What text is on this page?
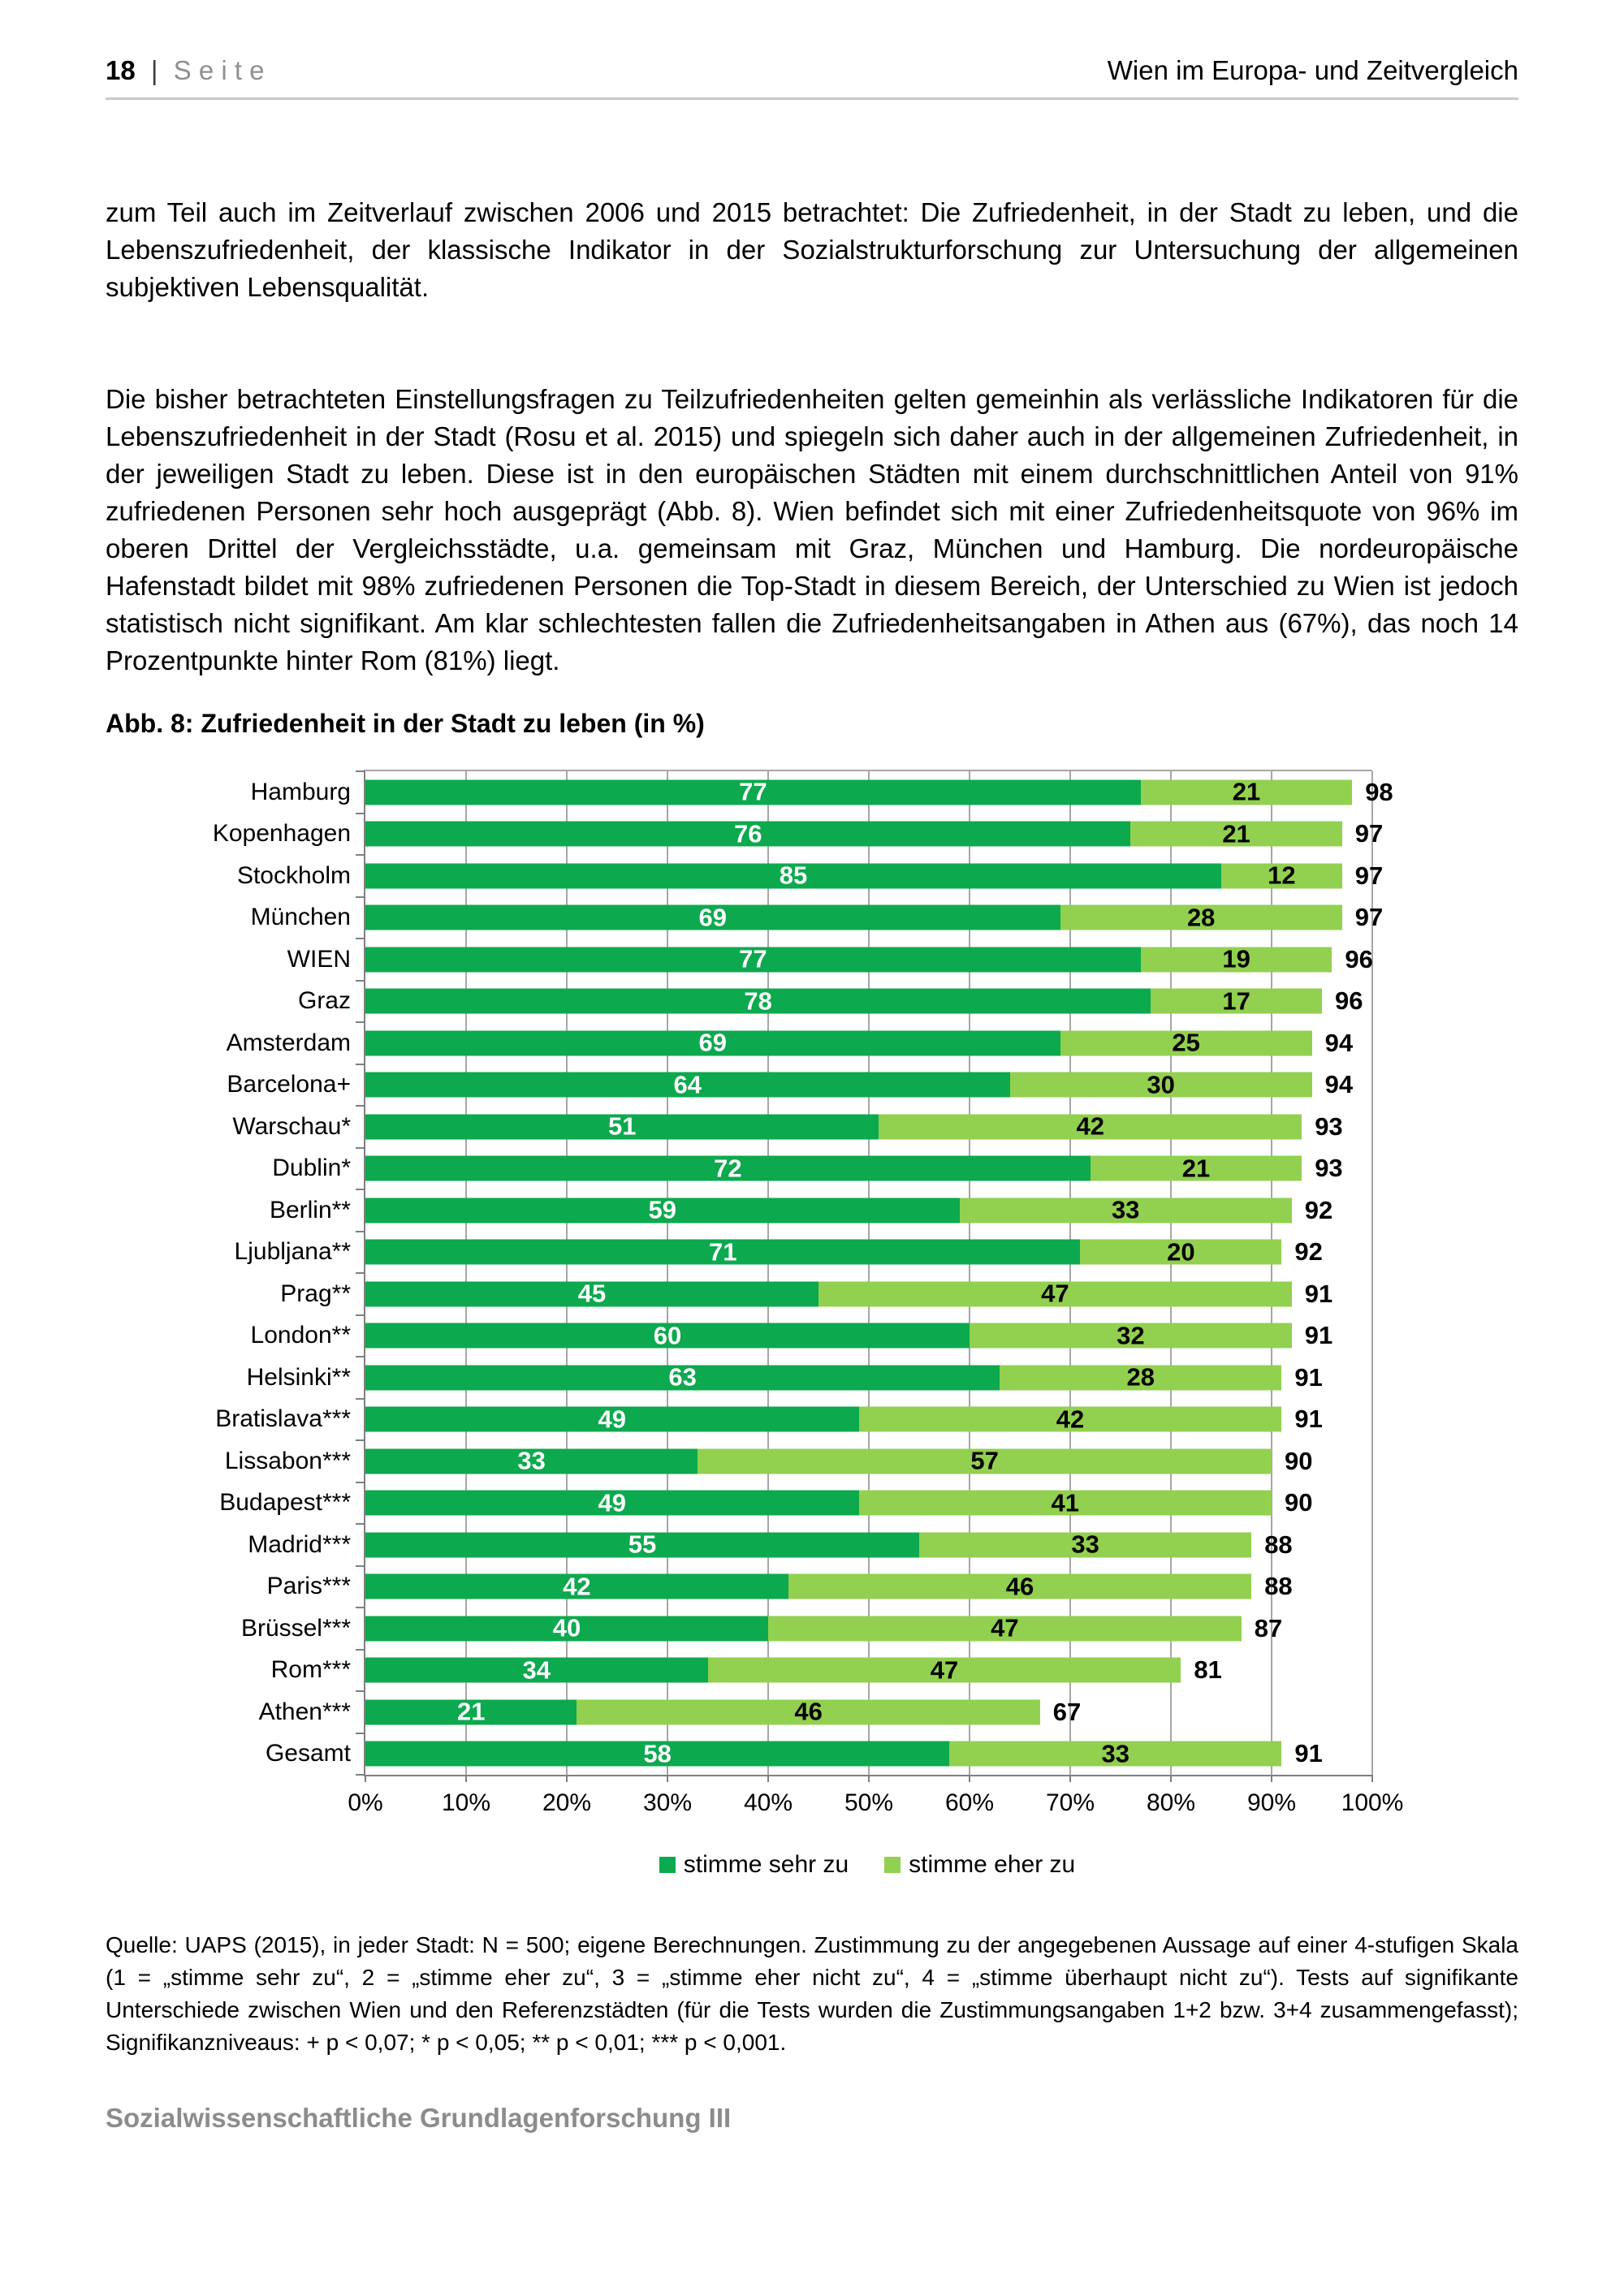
18 | S e i t e	Wien im Europa- und Zeitvergleich

zum Teil auch im Zeitverlauf zwischen 2006 und 2015 betrachtet: Die Zufriedenheit, in der Stadt zu leben, und die Lebenszufriedenheit, der klassische Indikator in der Sozialstrukturforschung zur Untersuchung der allgemeinen subjektiven Lebensqualität.

Die bisher betrachteten Einstellungsfragen zu Teilzufriedenheiten gelten gemeinhin als verlässliche Indikatoren für die Lebenszufriedenheit in der Stadt (Rosu et al. 2015) und spiegeln sich daher auch in der allgemeinen Zufriedenheit, in der jeweiligen Stadt zu leben. Diese ist in den europäischen Städten mit einem durchschnittlichen Anteil von 91% zufriedenen Personen sehr hoch ausgeprägt (Abb. 8). Wien befindet sich mit einer Zufriedenheitsquote von 96% im oberen Drittel der Vergleichsstädte, u.a. gemeinsam mit Graz, München und Hamburg. Die nordeuropäische Hafenstadt bildet mit 98% zufriedenen Personen die Top-Stadt in diesem Bereich, der Unterschied zu Wien ist jedoch statistisch nicht signifikant. Am klar schlechtesten fallen die Zufriedenheitsangaben in Athen aus (67%), das noch 14 Prozentpunkte hinter Rom (81%) liegt.

Abb. 8: Zufriedenheit in der Stadt zu leben (in %)
0% 10% 20% 30% 40% 50% 60% 70% 80% 90% 100%
Hamburg	77	21	98
Kopenhagen	76	21	97
Stockholm	85	12	97
München	69	28	97
WIEN	77	19	96
Graz	78	17	96
Amsterdam	69	25	94
Barcelona+	64	30	94
Warschau*	51	42	93
Dublin*	72	21	93
Berlin**	59	33	92
Ljubljana**	71	20	92
Prag**	45	47	91
London**	60	32	91
Helsinki**	63	28	91
Bratislava***	49	42	91
Lissabon***	33	57	90
Budapest***	49	41	90
Madrid***	55	33	88
Paris***	42	46	88
Brüssel***	40	47	87
Rom***	34	47	81
Athen***	21	46	67
Gesamt	58	33	91
stimme sehr zu stimme eher zu

Quelle: UAPS (2015), in jeder Stadt: N = 500; eigene Berechnungen. Zustimmung zu der angegebenen Aussage auf einer 4-stufigen Skala (1 = „stimme sehr zu“, 2 = „stimme eher zu“, 3 = „stimme eher nicht zu“, 4 = „stimme überhaupt nicht zu“). Tests auf signifikante Unterschiede zwischen Wien und den Referenzstädten (für die Tests wurden die Zustimmungsangaben 1+2 bzw. 3+4 zusammengefasst); Signifikanzniveaus: + p < 0,07; * p < 0,05; ** p < 0,01; *** p < 0,001.

Sozialwissenschaftliche Grundlagenforschung III
